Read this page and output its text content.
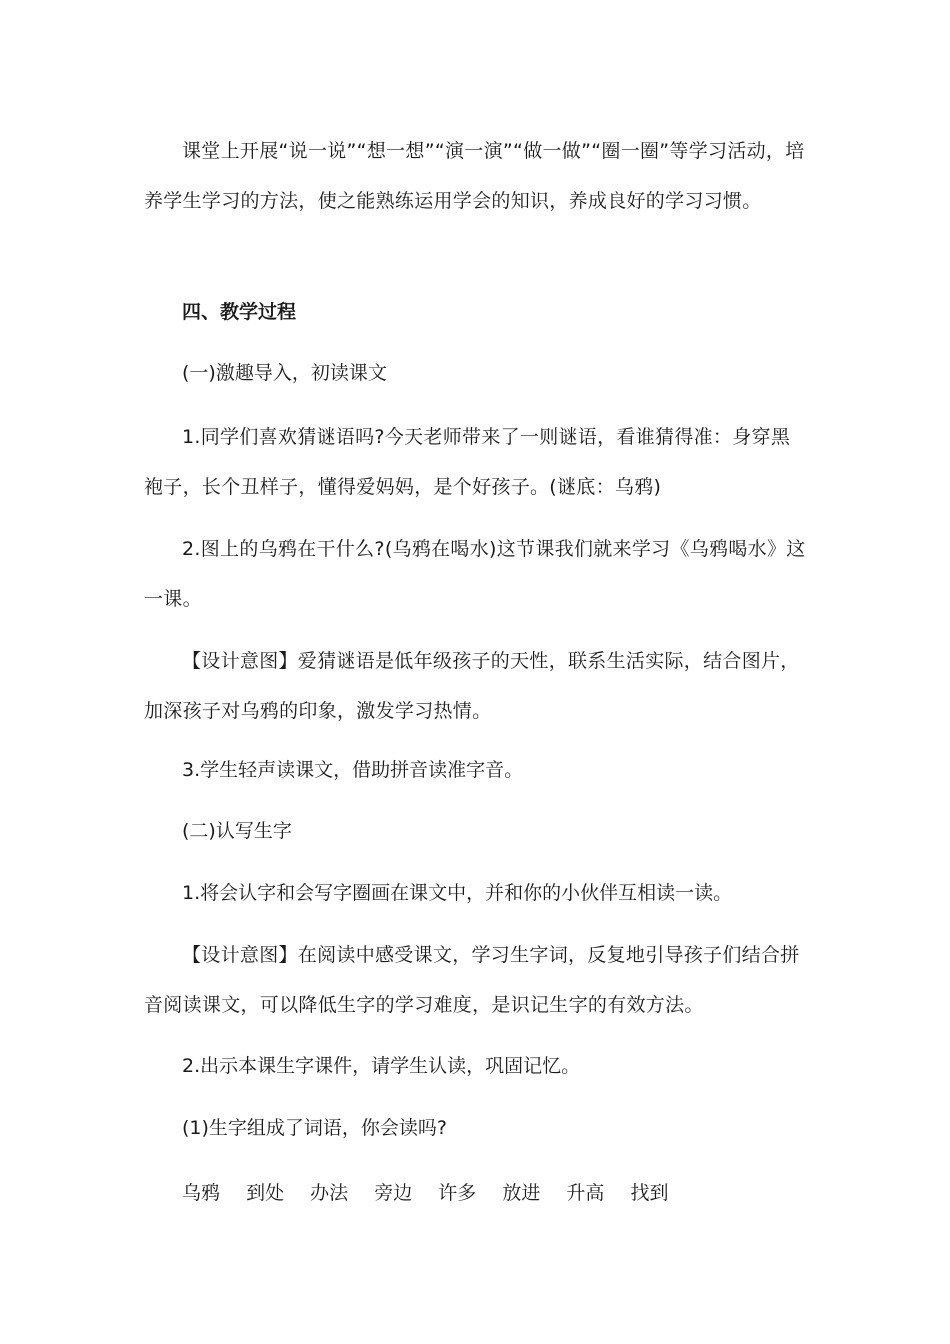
课堂上开展“说一说”“想一想”“演一演”“做一做”“圈一圈”等学习活动，培养学生学习的方法，使之能熟练运用学会的知识，养成良好的学习习惯。

四、教学过程

(一)激趣导入，初读课文

1.同学们喜欢猜谜语吗?今天老师带来了一则谜语，看谁猜得准：身穿黑袍子，长个丑样子，懂得爱妈妈，是个好孩子。(谜底：乌鸦)

2.图上的乌鸦在干什么?(乌鸦在喝水)这节课我们就来学习《乌鸦喝水》这一课。

【设计意图】爱猜谜语是低年级孩子的天性，联系生活实际，结合图片，加深孩子对乌鸦的印象，激发学习热情。

3.学生轻声读课文，借助拼音读准字音。

(二)认写生字

1.将会认字和会写字圈画在课文中，并和你的小伙伴互相读一读。

【设计意图】在阅读中感受课文，学习生字词，反复地引导孩子们结合拼音阅读课文，可以降低生字的学习难度，是识记生字的有效方法。

2.出示本课生字课件，请学生认读，巩固记忆。

(1)生字组成了词语，你会读吗?

乌鸦 到处 办法 旁边 许多 放进 升高 找到
